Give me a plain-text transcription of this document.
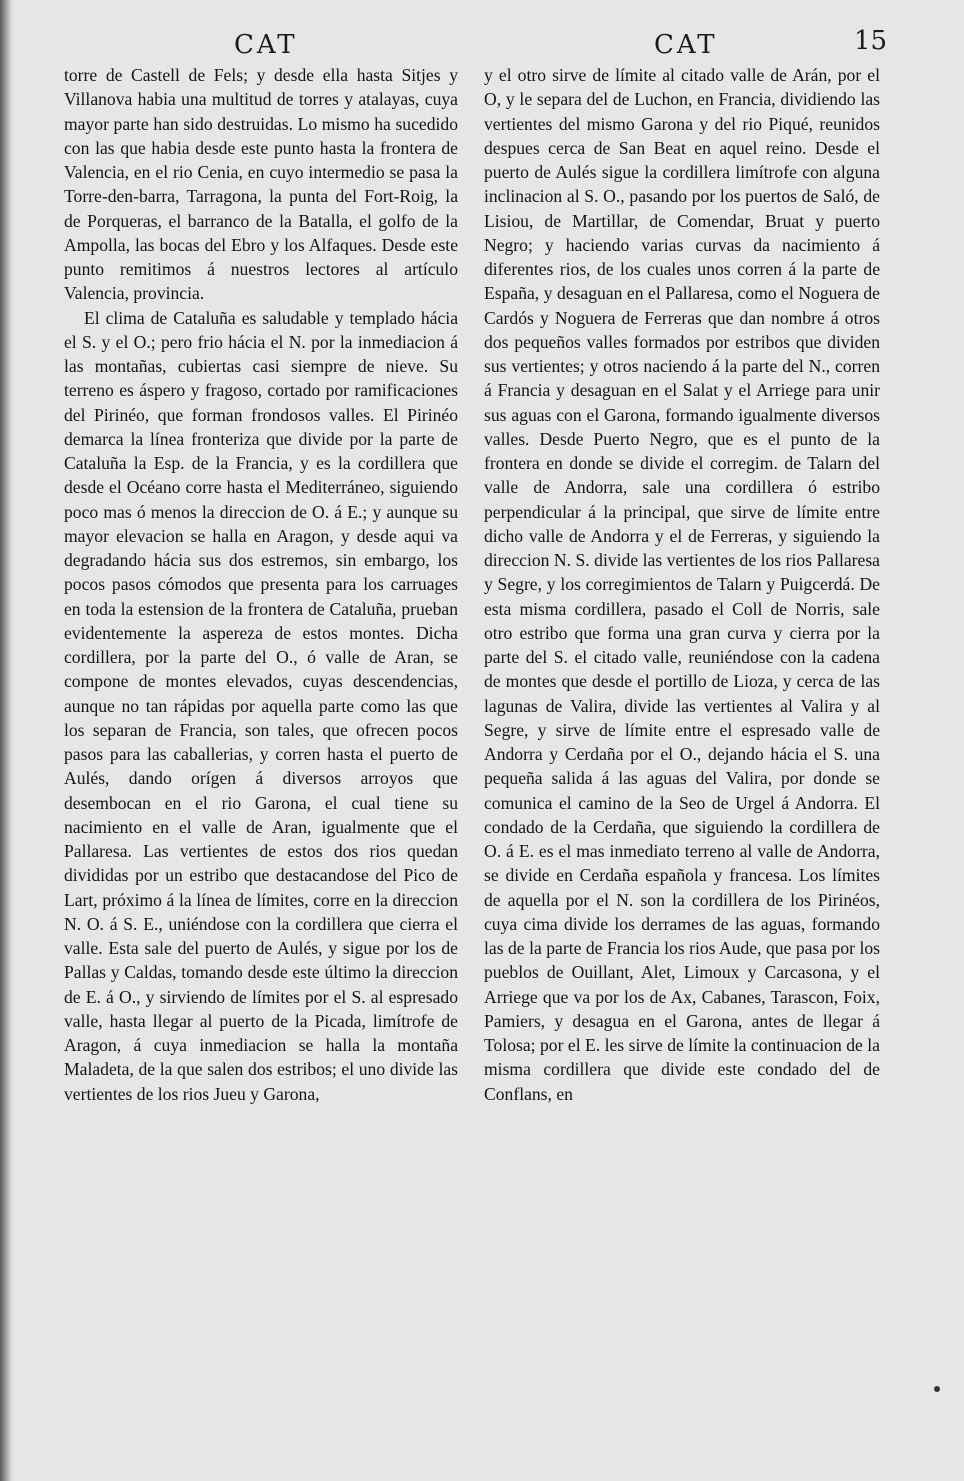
CAT	CAT	15

torre de Castell de Fels; y desde ella hasta Sitjes y Villanova habia una multitud de torres y atalayas, cuya mayor parte han sido destruidas. Lo mismo ha sucedido con las que habia desde este punto hasta la frontera de Valencia, en el rio Cenia, en cuyo intermedio se pasa la Torre-den-barra, Tarragona, la punta del Fort-Roig, la de Porqueras, el barranco de la Batalla, el golfo de la Ampolla, las bocas del Ebro y los Alfaques. Desde este punto remitimos á nuestros lectores al artículo Valencia, provincia.

El clima de Cataluña es saludable y templado hácia el S. y el O.; pero frio hácia el N. por la inmediacion á las montañas, cubiertas casi siempre de nieve. Su terreno es áspero y fragoso, cortado por ramificaciones del Pirinéo, que forman frondosos valles. El Pirinéo demarca la línea fronteriza que divide por la parte de Cataluña la Esp. de la Francia, y es la cordillera que desde el Océano corre hasta el Mediterráneo, siguiendo poco mas ó menos la direccion de O. á E.; y aunque su mayor elevacion se halla en Aragon, y desde aqui va degradando hácia sus dos estremos, sin embargo, los pocos pasos cómodos que presenta para los carruages en toda la estension de la frontera de Cataluña, prueban evidentemente la aspereza de estos montes. Dicha cordillera, por la parte del O., ó valle de Aran, se compone de montes elevados, cuyas descendencias, aunque no tan rápidas por aquella parte como las que los separan de Francia, son tales, que ofrecen pocos pasos para las caballerias, y corren hasta el puerto de Aulés, dando orígen á diversos arroyos que desembocan en el rio Garona, el cual tiene su nacimiento en el valle de Aran, igualmente que el Pallaresa. Las vertientes de estos dos rios quedan divididas por un estribo que destacandose del Pico de Lart, próximo á la línea de límites, corre en la direccion N. O. á S. E., uniéndose con la cordillera que cierra el valle. Esta sale del puerto de Aulés, y sigue por los de Pallas y Caldas, tomando desde este último la direccion de E. á O., y sirviendo de límites por el S. al espresado valle, hasta llegar al puerto de la Picada, limítrofe de Aragon, á cuya inmediacion se halla la montaña Maladeta, de la que salen dos estribos; el uno divide las vertientes de los rios Jueu y Garona,

y el otro sirve de límite al citado valle de Arán, por el O, y le separa del de Luchon, en Francia, dividiendo las vertientes del mismo Garona y del rio Piqué, reunidos despues cerca de San Beat en aquel reino. Desde el puerto de Aulés sigue la cordillera limítrofe con alguna inclinacion al S. O., pasando por los puertos de Saló, de Lisiou, de Martillar, de Comendar, Bruat y puerto Negro; y haciendo varias curvas da nacimiento á diferentes rios, de los cuales unos corren á la parte de España, y desaguan en el Pallaresa, como el Noguera de Cardós y Noguera de Ferreras que dan nombre á otros dos pequeños valles formados por estribos que dividen sus vertientes; y otros naciendo á la parte del N., corren á Francia y desaguan en el Salat y el Arriege para unir sus aguas con el Garona, formando igualmente diversos valles. Desde Puerto Negro, que es el punto de la frontera en donde se divide el corregim. de Talarn del valle de Andorra, sale una cordillera ó estribo perpendicular á la principal, que sirve de límite entre dicho valle de Andorra y el de Ferreras, y siguiendo la direccion N. S. divide las vertientes de los rios Pallaresa y Segre, y los corregimientos de Talarn y Puigcerdá. De esta misma cordillera, pasado el Coll de Norris, sale otro estribo que forma una gran curva y cierra por la parte del S. el citado valle, reuniéndose con la cadena de montes que desde el portillo de Lioza, y cerca de las lagunas de Valira, divide las vertientes al Valira y al Segre, y sirve de límite entre el espresado valle de Andorra y Cerdaña por el O., dejando hácia el S. una pequeña salida á las aguas del Valira, por donde se comunica el camino de la Seo de Urgel á Andorra. El condado de la Cerdaña, que siguiendo la cordillera de O. á E. es el mas inmediato terreno al valle de Andorra, se divide en Cerdaña española y francesa. Los límites de aquella por el N. son la cordillera de los Pirinéos, cuya cima divide los derrames de las aguas, formando las de la parte de Francia los rios Aude, que pasa por los pueblos de Ouillant, Alet, Limoux y Carcasona, y el Arriege que va por los de Ax, Cabanes, Tarascon, Foix, Pamiers, y desagua en el Garona, antes de llegar á Tolosa; por el E. les sirve de límite la continuacion de la misma cordillera que divide este condado del de Conflans, en
